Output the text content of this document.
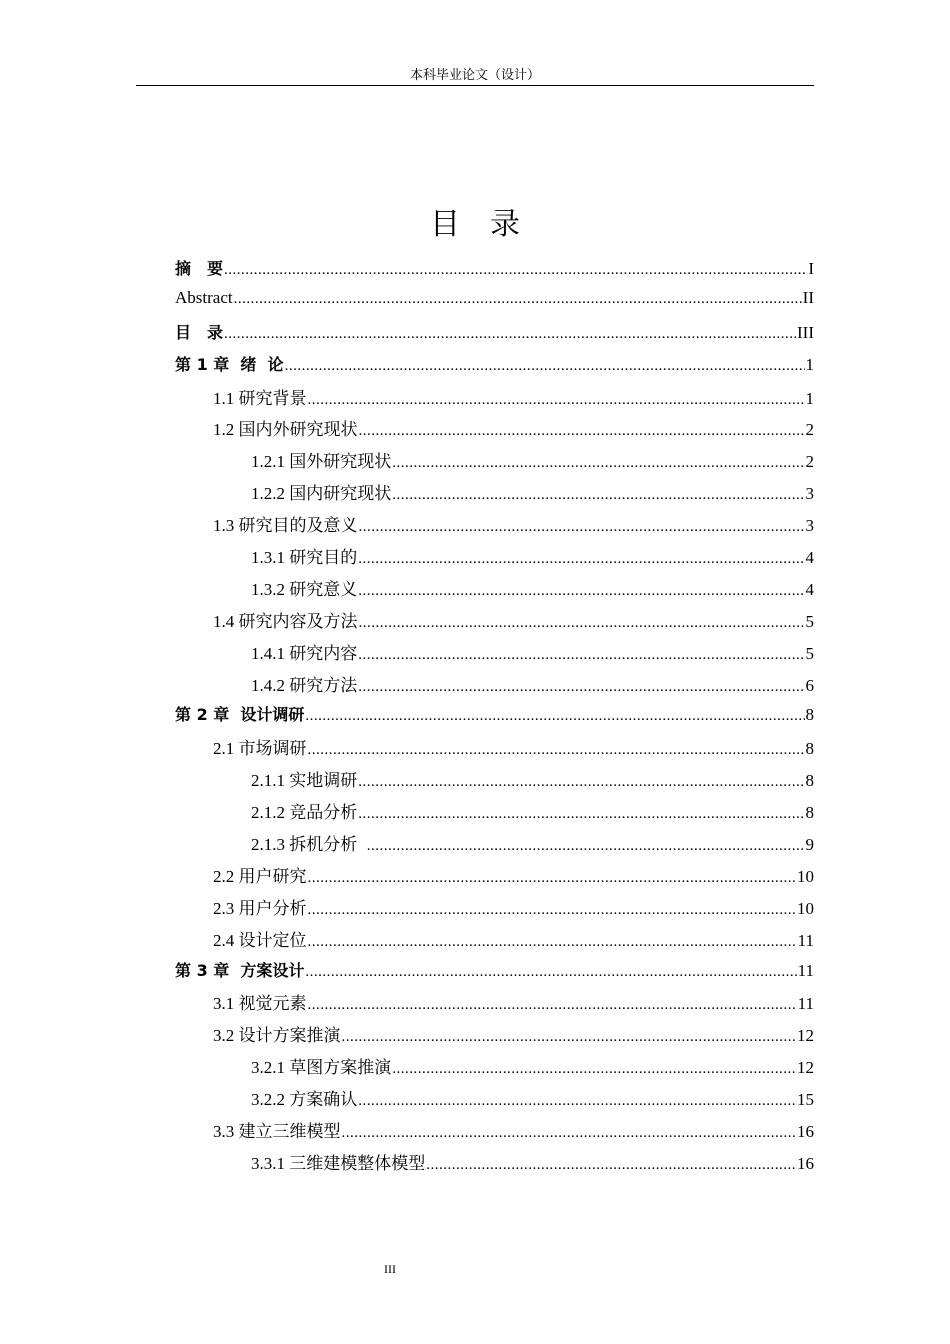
本科毕业论文（设计）
目　录
摘　要 .....	I
Abstract .....	II
目　录 .....	III
第 1 章  绪  论 .....	1
1.1 研究背景 .....	1
1.2 国内外研究现状 .....	2
1.2.1 国外研究现状 .....	2
1.2.2 国内研究现状 .....	3
1.3 研究目的及意义 .....	3
1.3.1 研究目的 .....	4
1.3.2 研究意义 .....	4
1.4 研究内容及方法 .....	5
1.4.1 研究内容 .....	5
1.4.2 研究方法 .....	6
第 2 章  设计调研 .....	8
2.1 市场调研 .....	8
2.1.1 实地调研 .....	8
2.1.2 竞品分析 .....	8
2.1.3 拆机分析 .....	9
2.2 用户研究 .....	10
2.3 用户分析 .....	10
2.4 设计定位 .....	11
第 3 章  方案设计 .....	11
3.1 视觉元素 .....	11
3.2 设计方案推演 .....	12
3.2.1 草图方案推演 .....	12
3.2.2 方案确认 .....	15
3.3 建立三维模型 .....	16
3.3.1 三维建模整体模型 .....	16
III
